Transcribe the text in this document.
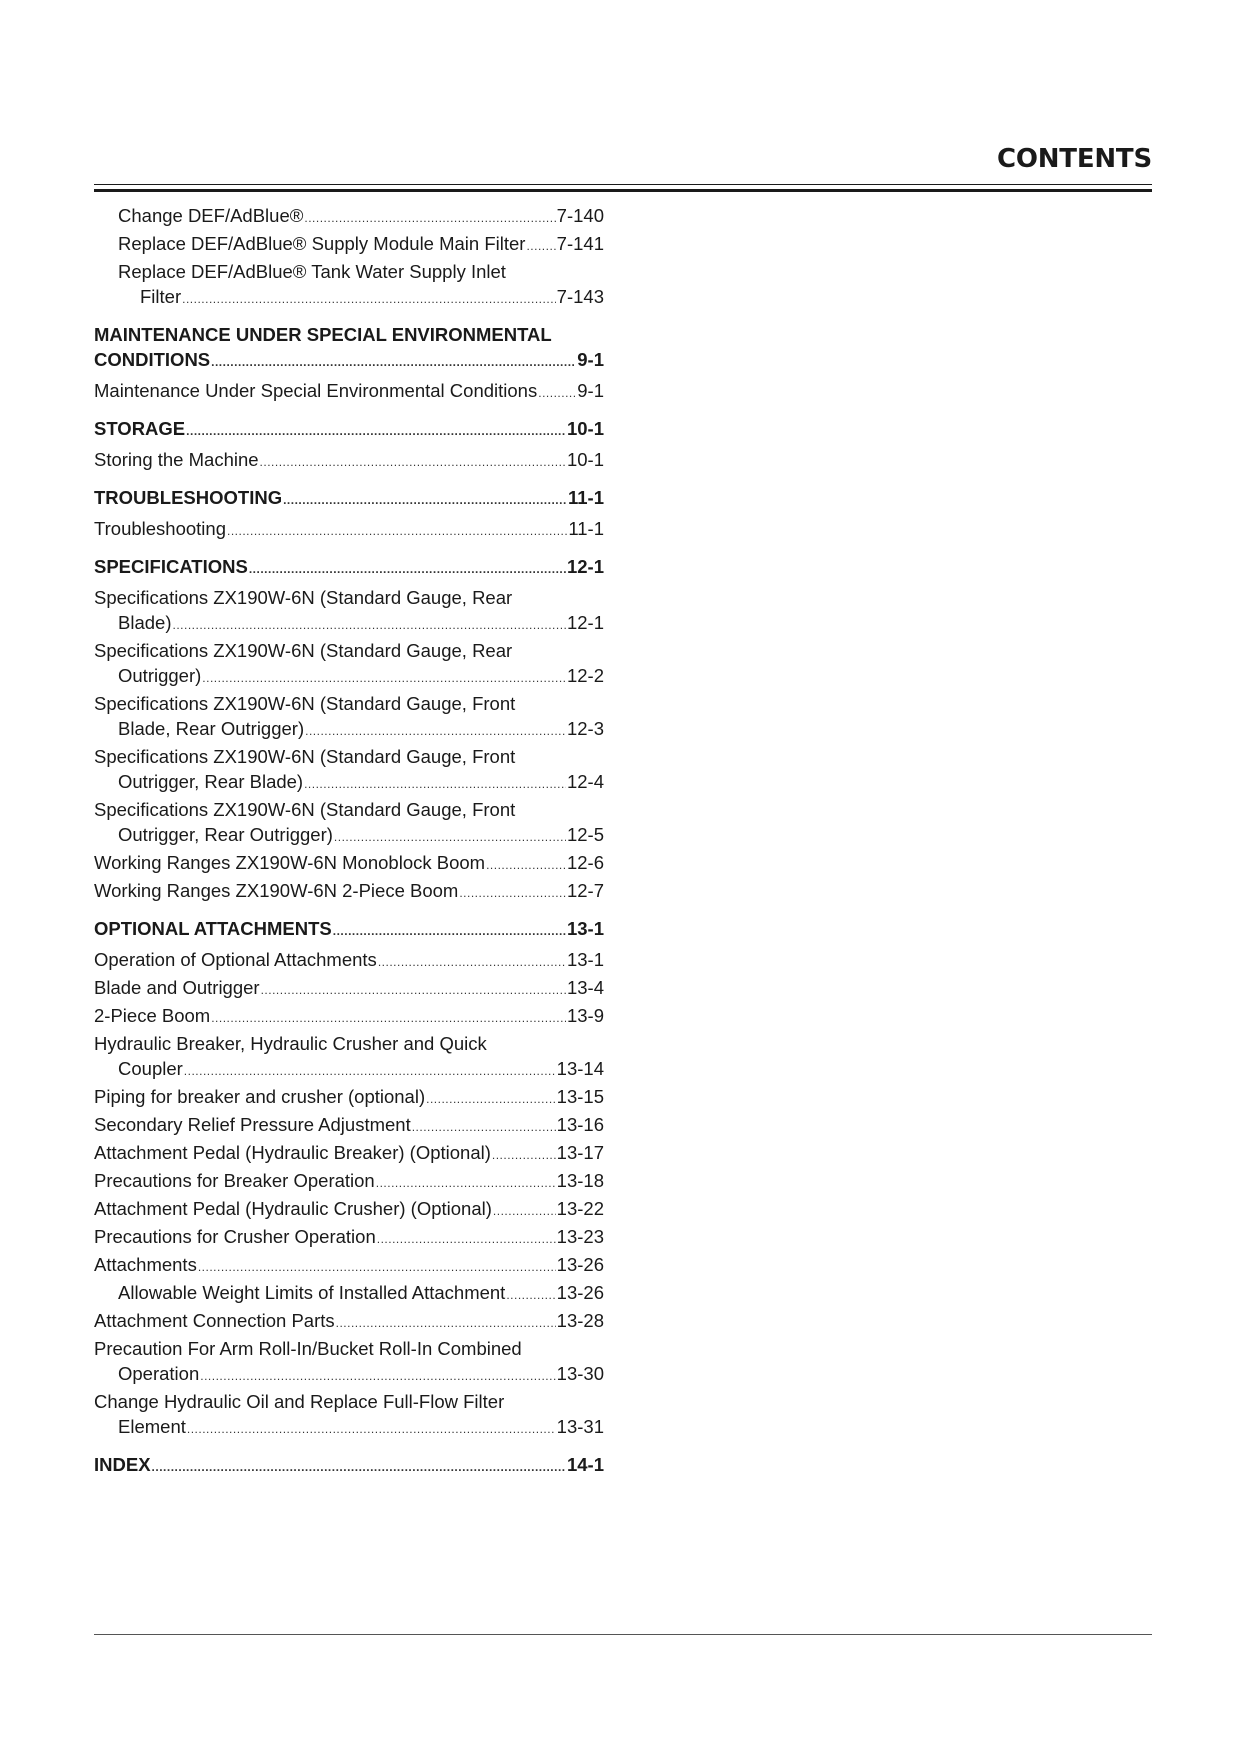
CONTENTS
Change DEF/AdBlue® .....	7-140
Replace DEF/AdBlue® Supply Module Main Filter ..... 7-141
Replace DEF/AdBlue® Tank Water Supply Inlet
Filter .....	7-143
MAINTENANCE UNDER SPECIAL ENVIRONMENTAL
CONDITIONS .....	9-1
Maintenance Under Special Environmental Conditions ..... 9-1
STORAGE .....	10-1
Storing the Machine .....	10-1
TROUBLESHOOTING .....	11-1
Troubleshooting .....	11-1
SPECIFICATIONS .....	12-1
Specifications ZX190W-6N (Standard Gauge, Rear
Blade) .....	12-1
Specifications ZX190W-6N (Standard Gauge, Rear
Outrigger) .....	12-2
Specifications ZX190W-6N (Standard Gauge, Front
Blade, Rear Outrigger) .....	12-3
Specifications ZX190W-6N (Standard Gauge, Front
Outrigger, Rear Blade) .....	12-4
Specifications ZX190W-6N (Standard Gauge, Front
Outrigger, Rear Outrigger) .....	12-5
Working Ranges ZX190W-6N Monoblock Boom .....	12-6
Working Ranges ZX190W-6N 2-Piece Boom .....	12-7
OPTIONAL ATTACHMENTS .....	13-1
Operation of Optional Attachments .....	13-1
Blade and Outrigger .....	13-4
2-Piece Boom .....	13-9
Hydraulic Breaker, Hydraulic Crusher and Quick
Coupler .....	13-14
Piping for breaker and crusher (optional) .....	13-15
Secondary Relief Pressure Adjustment .....	13-16
Attachment Pedal (Hydraulic Breaker) (Optional) .....	13-17
Precautions for Breaker Operation .....	13-18
Attachment Pedal (Hydraulic Crusher) (Optional) .....	13-22
Precautions for Crusher Operation .....	13-23
Attachments .....	13-26
Allowable Weight Limits of Installed Attachment .....	13-26
Attachment Connection Parts .....	13-28
Precaution For Arm Roll-In/Bucket Roll-In Combined
Operation .....	13-30
Change Hydraulic Oil and Replace Full-Flow Filter
Element .....	13-31
INDEX .....	14-1
